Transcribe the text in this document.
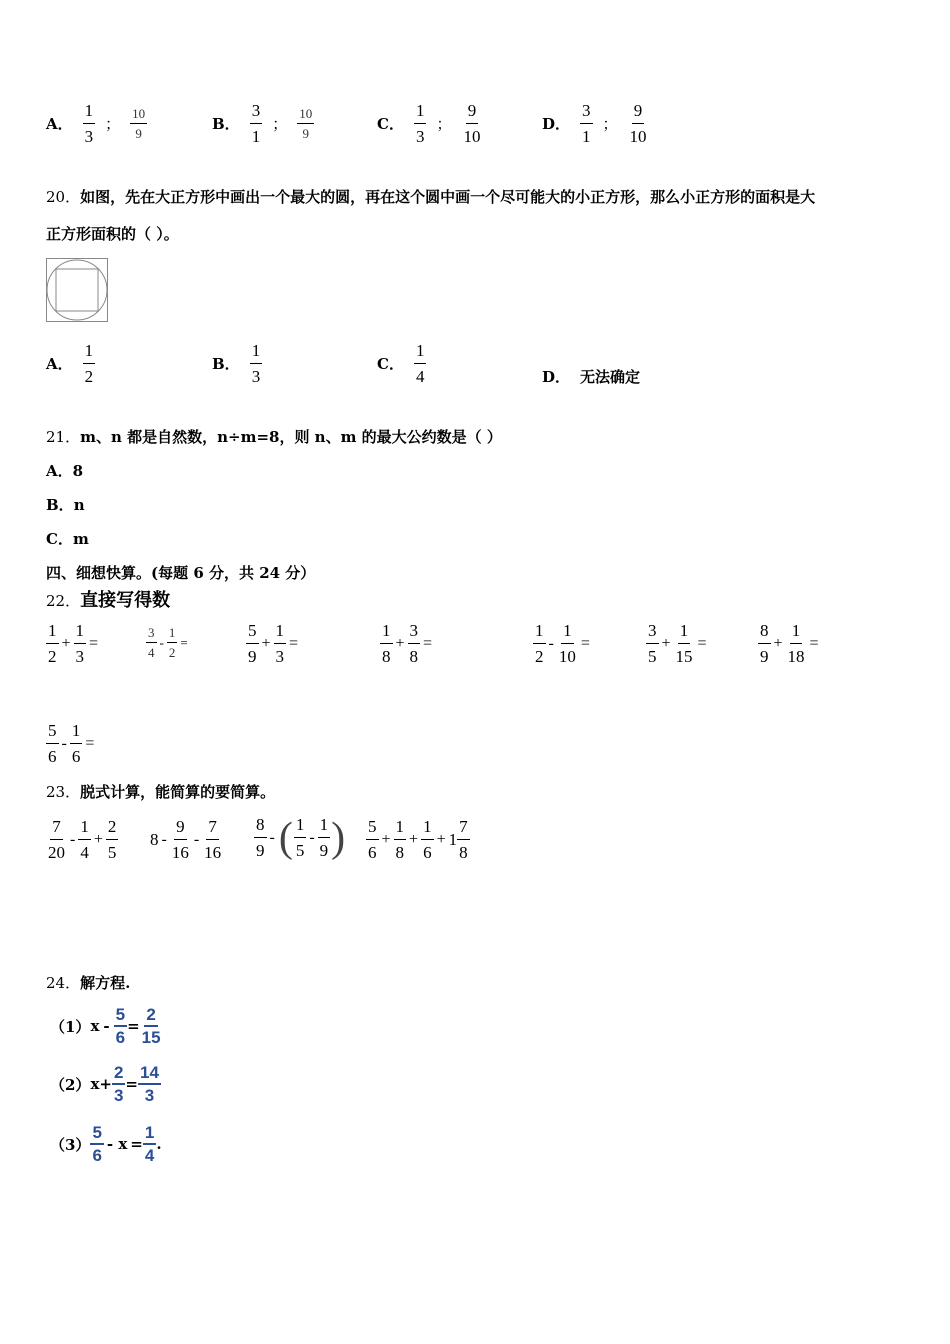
A． $\frac{1}{3}$ ； $\frac{10}{9}$	B． $\frac{3}{1}$ ； $\frac{10}{9}$	C． $\frac{1}{3}$ ； $\frac{9}{10}$	D． $\frac{3}{1}$ ； $\frac{9}{10}$
20．如图，先在大正方形中画出一个最大的圆，再在这个圆中画一个尽可能大的小正方形，那么小正方形的面积是大
正方形面积的（ ）。
A． $\frac{1}{2}$	B． $\frac{1}{3}$	C． $\frac{1}{4}$	D． 无法确定
21．m、n 都是自然数，n÷m=8，则 n、m 的最大公约数是（ ）
A．8
B．n
C．m
四、细想快算。(每题 6 分，共 24 分）
22．直接写得数
$\frac{1}{2} + \frac{1}{3}$ =	$\frac{3}{4} - \frac{1}{2}$ =	$\frac{5}{9} + \frac{1}{3}$ =	$\frac{1}{8} + \frac{3}{8}$ =	$\frac{1}{2} - \frac{1}{10}$ =	$\frac{3}{5} + \frac{1}{15}$ =	$\frac{8}{9} + \frac{1}{18}$ =
$\frac{5}{6} - \frac{1}{6}$ =
23．脱式计算，能简算的要简算。
$\frac{7}{20} - \frac{1}{4} + \frac{2}{5} 8 - \frac{9}{16} - \frac{7}{16} \frac{8}{9}$ - ( $\frac{1}{5} - \frac{1}{9}$ ) $\frac{5}{6} + \frac{1}{8} + \frac{1}{6} + 1 \frac{7}{8}$
24．解方程.
（1） $x - \frac{5}{6} = \frac{2}{15}$
（2） $x+ \frac{2}{3} = \frac{14}{3}$
$(3) \frac{5}{6} - x = \frac{1}{4}$ .
